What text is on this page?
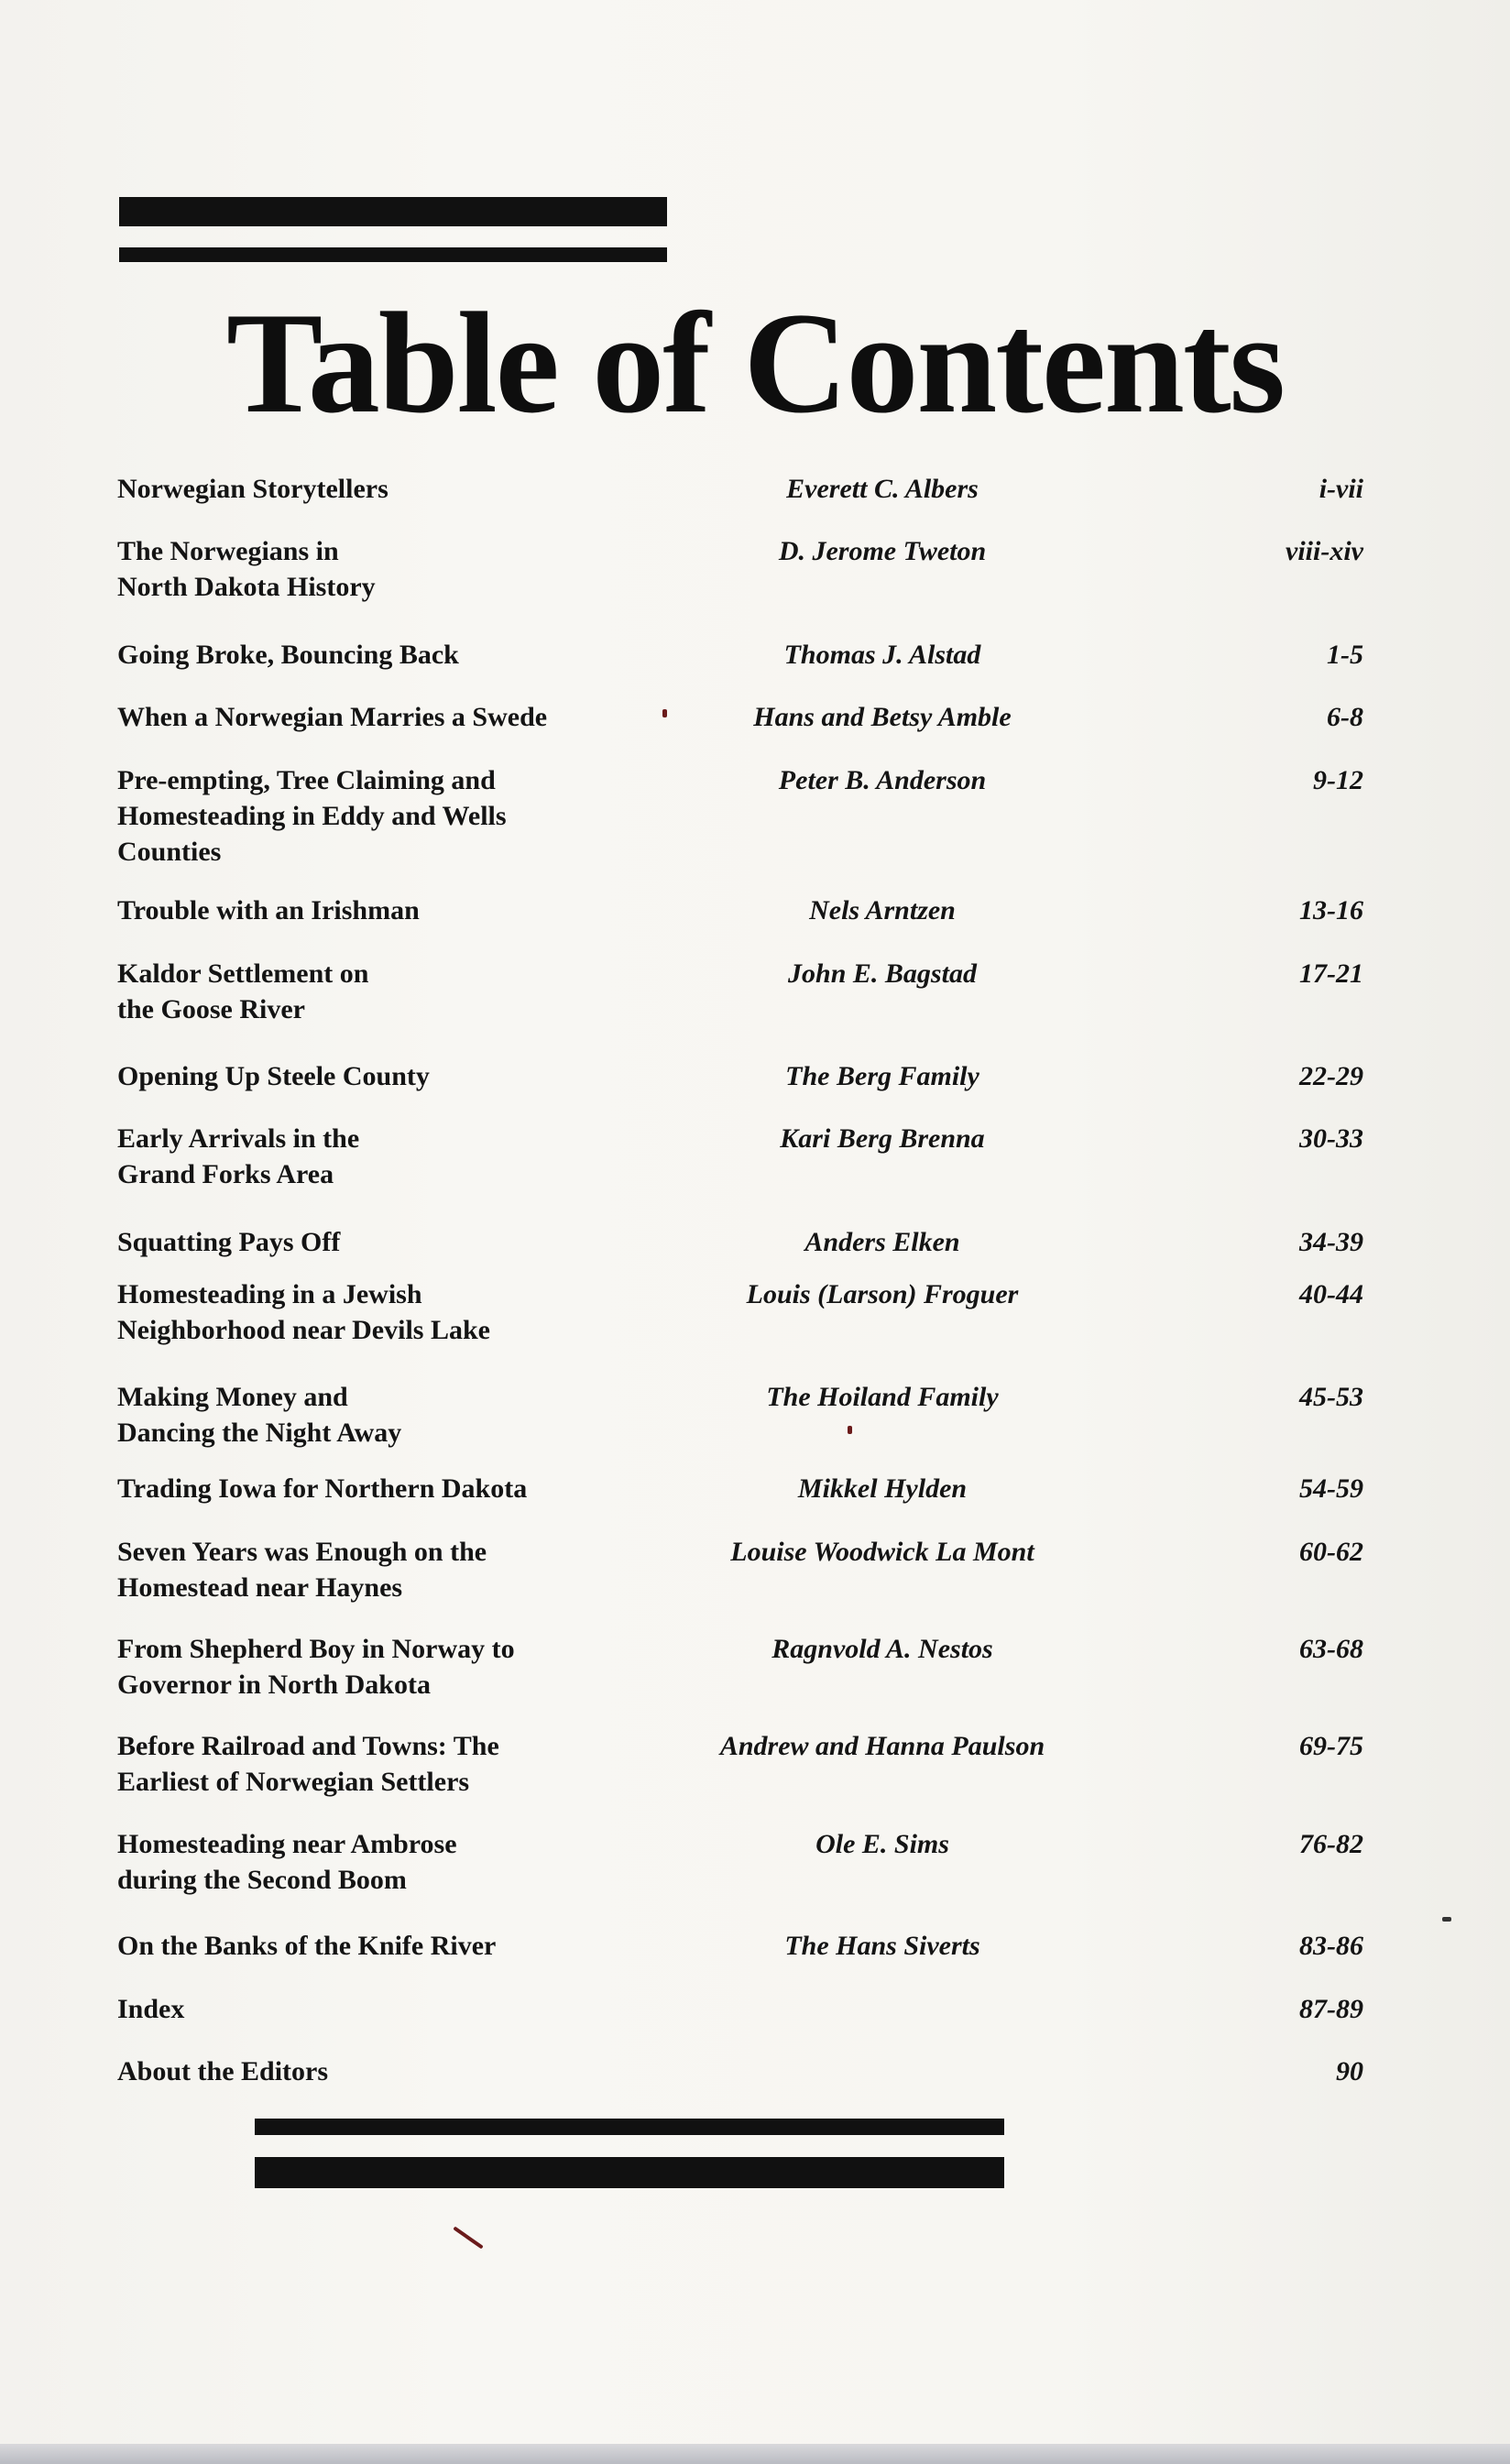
Table of Contents
Norwegian Storytellers	Everett C. Albers	i-vii
The Norwegians in
North Dakota History
D. Jerome Tweton	viii-xiv
Going Broke, Bouncing Back	Thomas J. Alstad	1-5
When a Norwegian Marries a Swede	Hans and Betsy Amble	6-8
Pre-empting, Tree Claiming and
Homesteading in Eddy and Wells
Counties
Peter B. Anderson	9-12
Trouble with an Irishman	Nels Arntzen	13-16
Kaldor Settlement on
the Goose River
John E. Bagstad	17-21
Opening Up Steele County	The Berg Family	22-29
Early Arrivals in the
Grand Forks Area
Kari Berg Brenna	30-33
Squatting Pays Off	Anders Elken	34-39
Homesteading in a Jewish
Neighborhood near Devils Lake
Louis (Larson) Froguer	40-44
Making Money and
Dancing the Night Away
The Hoiland Family	45-53
Trading Iowa for Northern Dakota	Mikkel Hylden	54-59
Seven Years was Enough on the
Homestead near Haynes
Louise Woodwick La Mont	60-62
From Shepherd Boy in Norway to
Governor in North Dakota
Ragnvold A. Nestos	63-68
Before Railroad and Towns: The
Earliest of Norwegian Settlers
Andrew and Hanna Paulson	69-75
Homesteading near Ambrose
during the Second Boom
Ole E. Sims	76-82
On the Banks of the Knife River	The Hans Siverts	83-86
Index	87-89
About the Editors	90
